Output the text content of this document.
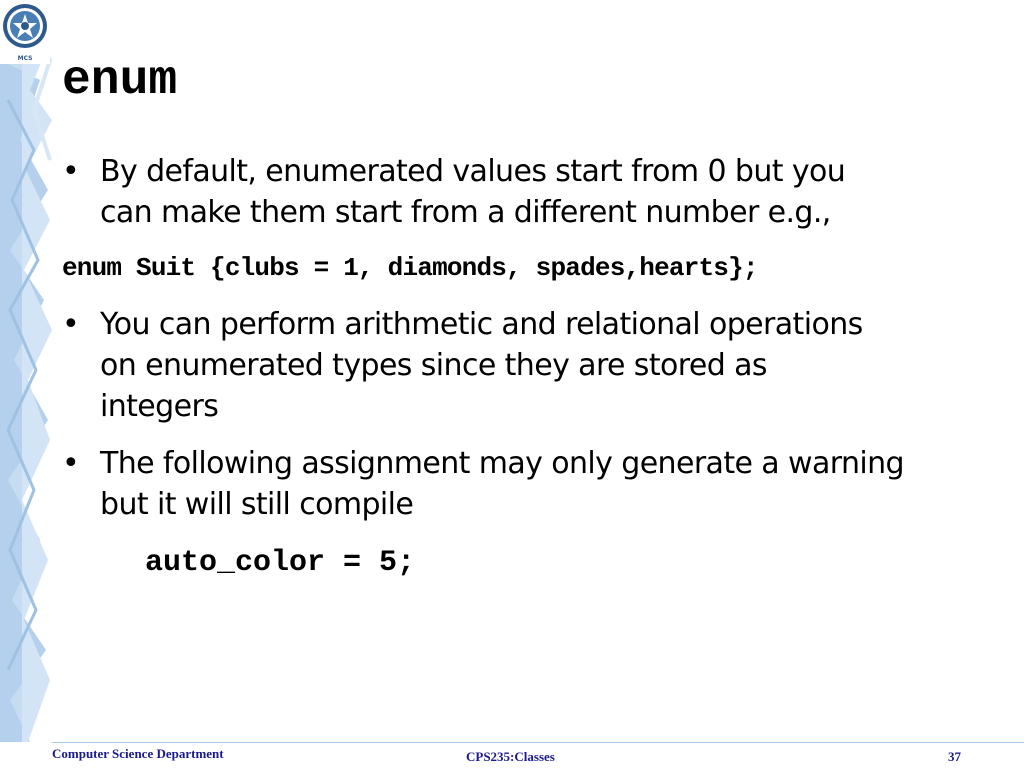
MCS enum
• By default, enumerated values start from 0 but you
can make them start from a different number e.g.,
enum Suit {clubs = 1, diamonds, spades,hearts};
• You can perform arithmetic and relational operations
on enumerated types since they are stored as
integers
• The following assignment may only generate a warning
but it will still compile
auto_color = 5;
Computer Science Department	CPS235:Classes	37
